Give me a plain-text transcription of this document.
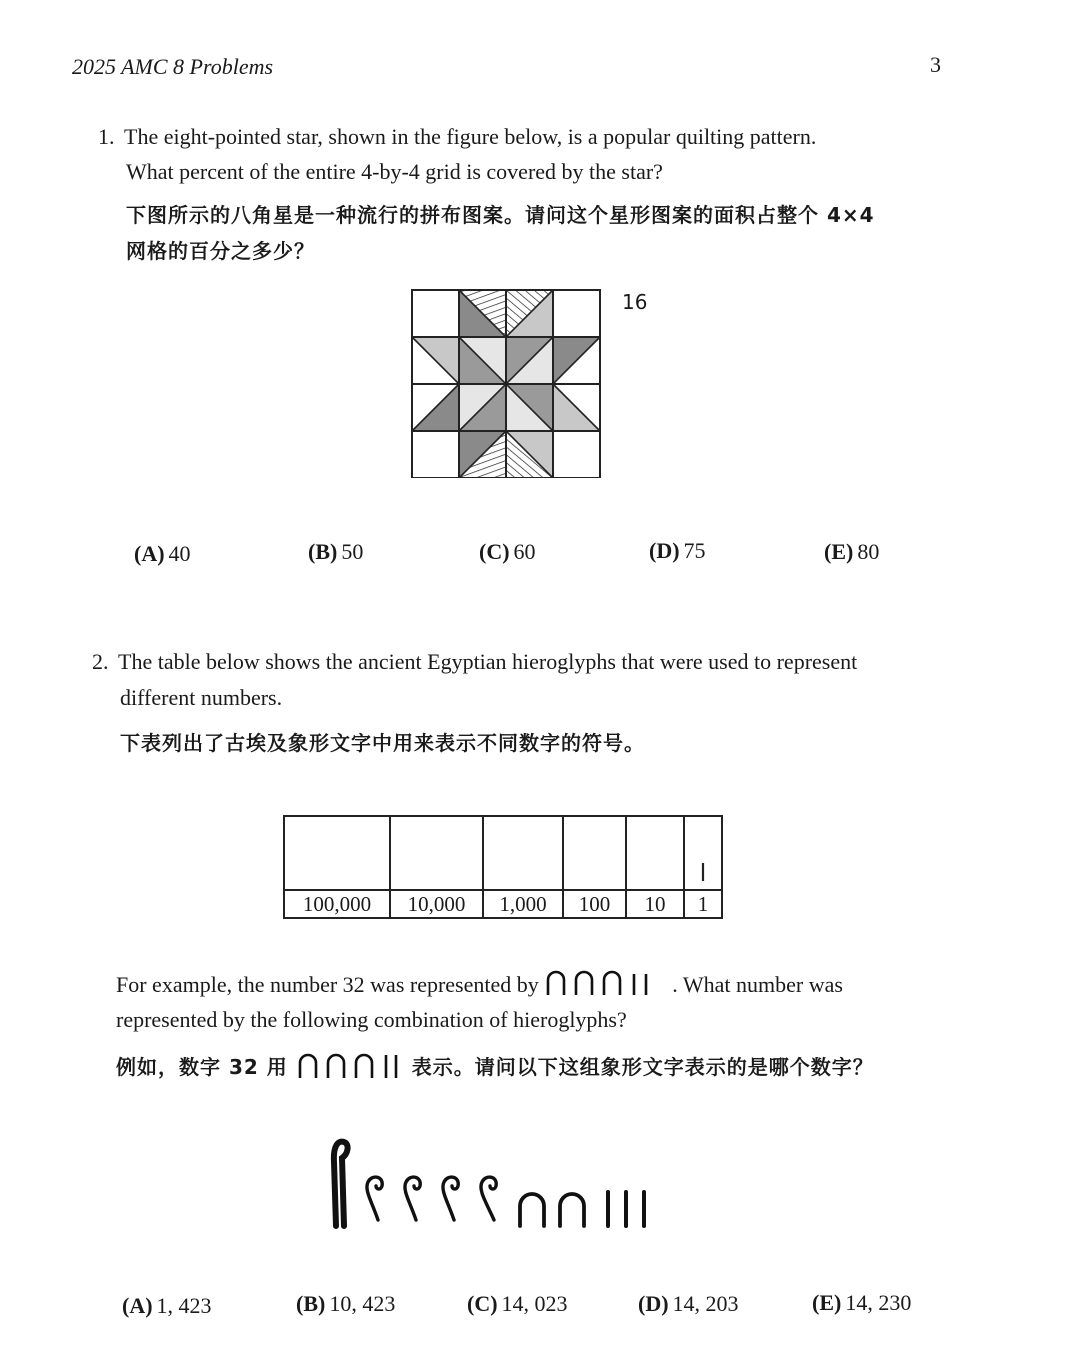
2025 AMC 8 Problems	3
1. The eight-pointed star, shown in the figure below, is a popular quilting pattern.
What percent of the entire 4-by-4 grid is covered by the star?
下图所示的八角星是一种流行的拼布图案。请问这个星形图案的面积占整个 4×4
网格的百分之多少？
16
(A) 40	(B) 50	(C) 60	(D) 75	(E) 80
2. The table below shows the ancient Egyptian hieroglyphs that were used to represent
different numbers.
下表列出了古埃及象形文字中用来表示不同数字的符号。

100,000	10,000	1,000	100	10	1
For example, the number 32 was represented by	. What number was
represented by the following combination of hieroglyphs?
例如，数字 32 用	表示。请问以下这组象形文字表示的是哪个数字？
(A) 1, 423	(B) 10, 423	(C) 14, 023	(D) 14, 203	(E) 14, 230
